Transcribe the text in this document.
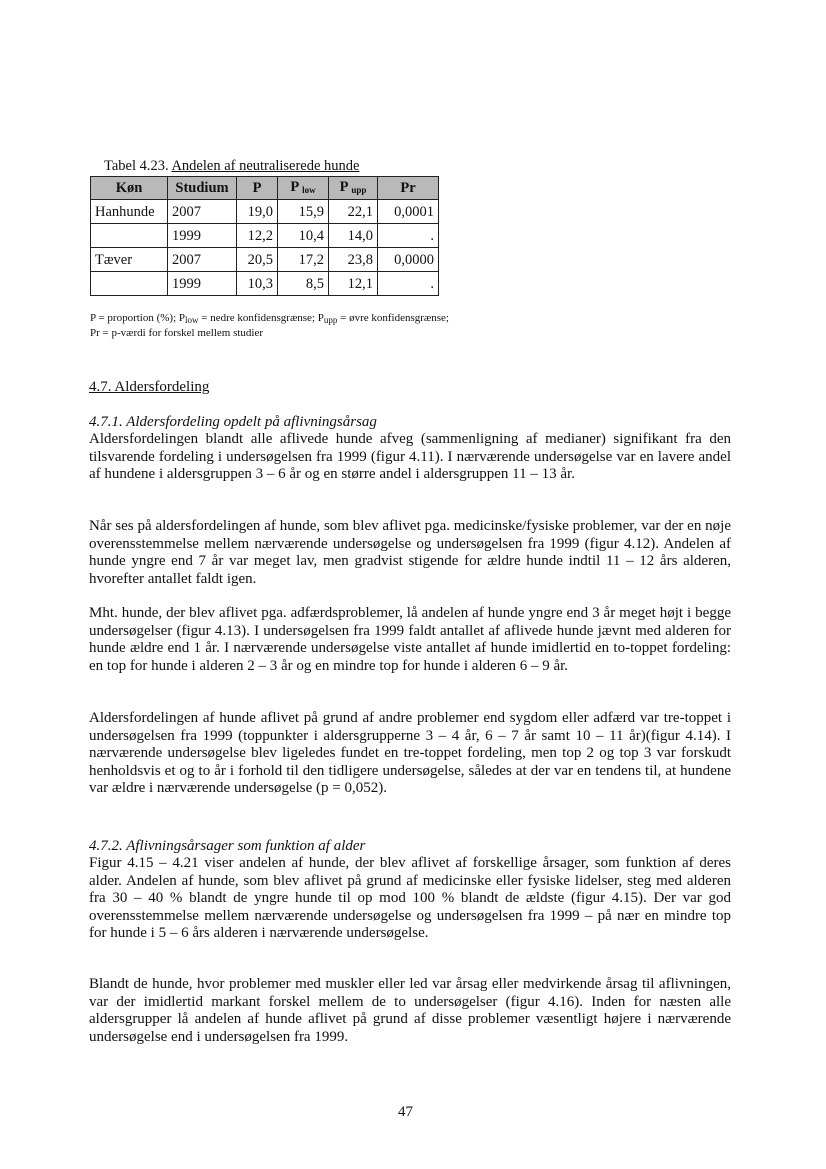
Tabel 4.23. Andelen af neutraliserede hunde
Køn	Studium	P	P low	P upp	Pr
Hanhunde	2007	19,0	15,9	22,1	0,0001
	1999	12,2	10,4	14,0	.
Tæver	2007	20,5	17,2	23,8	0,0000
	1999	10,3	8,5	12,1	.
P = proportion (%); $P_{low}$ = nedre konfidensgrænse; $P_{upp}$ = øvre konfidensgrænse; Pr = p-værdi for forskel mellem studier
4.7. Aldersfordeling
4.7.1. Aldersfordeling opdelt på aflivningsårsag
Aldersfordelingen blandt alle aflivede hunde afveg (sammenligning af medianer) signifikant fra den tilsvarende fordeling i undersøgelsen fra 1999 (figur 4.11). I nærværende undersøgelse var en lavere andel af hundene i aldersgruppen 3 – 6 år og en større andel i aldersgruppen 11 – 13 år.
Når ses på aldersfordelingen af hunde, som blev aflivet pga. medicinske/fysiske problemer, var der en nøje overensstemmelse mellem nærværende undersøgelse og undersøgelsen fra 1999 (figur 4.12). Andelen af hunde yngre end 7 år var meget lav, men gradvist stigende for ældre hunde indtil 11 – 12 års alderen, hvorefter antallet faldt igen.
Mht. hunde, der blev aflivet pga. adfærdsproblemer, lå andelen af hunde yngre end 3 år meget højt i begge undersøgelser (figur 4.13). I undersøgelsen fra 1999 faldt antallet af aflivede hunde jævnt med alderen for hunde ældre end 1 år. I nærværende undersøgelse viste antallet af hunde imidlertid en to-toppet fordeling: en top for hunde i alderen 2 – 3 år og en mindre top for hunde i alderen 6 – 9 år.
Aldersfordelingen af hunde aflivet på grund af andre problemer end sygdom eller adfærd var tre-toppet i undersøgelsen fra 1999 (toppunkter i aldersgrupperne 3 – 4 år, 6 – 7 år samt 10 – 11 år)(figur 4.14). I nærværende undersøgelse blev ligeledes fundet en tre-toppet fordeling, men top 2 og top 3 var forskudt henholdsvis et og to år i forhold til den tidligere undersøgelse, således at der var en tendens til, at hundene var ældre i nærværende undersøgelse (p = 0,052).
4.7.2. Aflivningsårsager som funktion af alder
Figur 4.15 – 4.21 viser andelen af hunde, der blev aflivet af forskellige årsager, som funktion af deres alder. Andelen af hunde, som blev aflivet på grund af medicinske eller fysiske lidelser, steg med alderen fra 30 – 40 % blandt de yngre hunde til op mod 100 % blandt de ældste (figur 4.15). Der var god overensstemmelse mellem nærværende undersøgelse og undersøgelsen fra 1999 – på nær en mindre top for hunde i 5 – 6 års alderen i nærværende undersøgelse.
Blandt de hunde, hvor problemer med muskler eller led var årsag eller medvirkende årsag til aflivningen, var der imidlertid markant forskel mellem de to undersøgelser (figur 4.16). Inden for næsten alle aldersgrupper lå andelen af hunde aflivet på grund af disse problemer væsentligt højere i nærværende undersøgelse end i undersøgelsen fra 1999.
47
